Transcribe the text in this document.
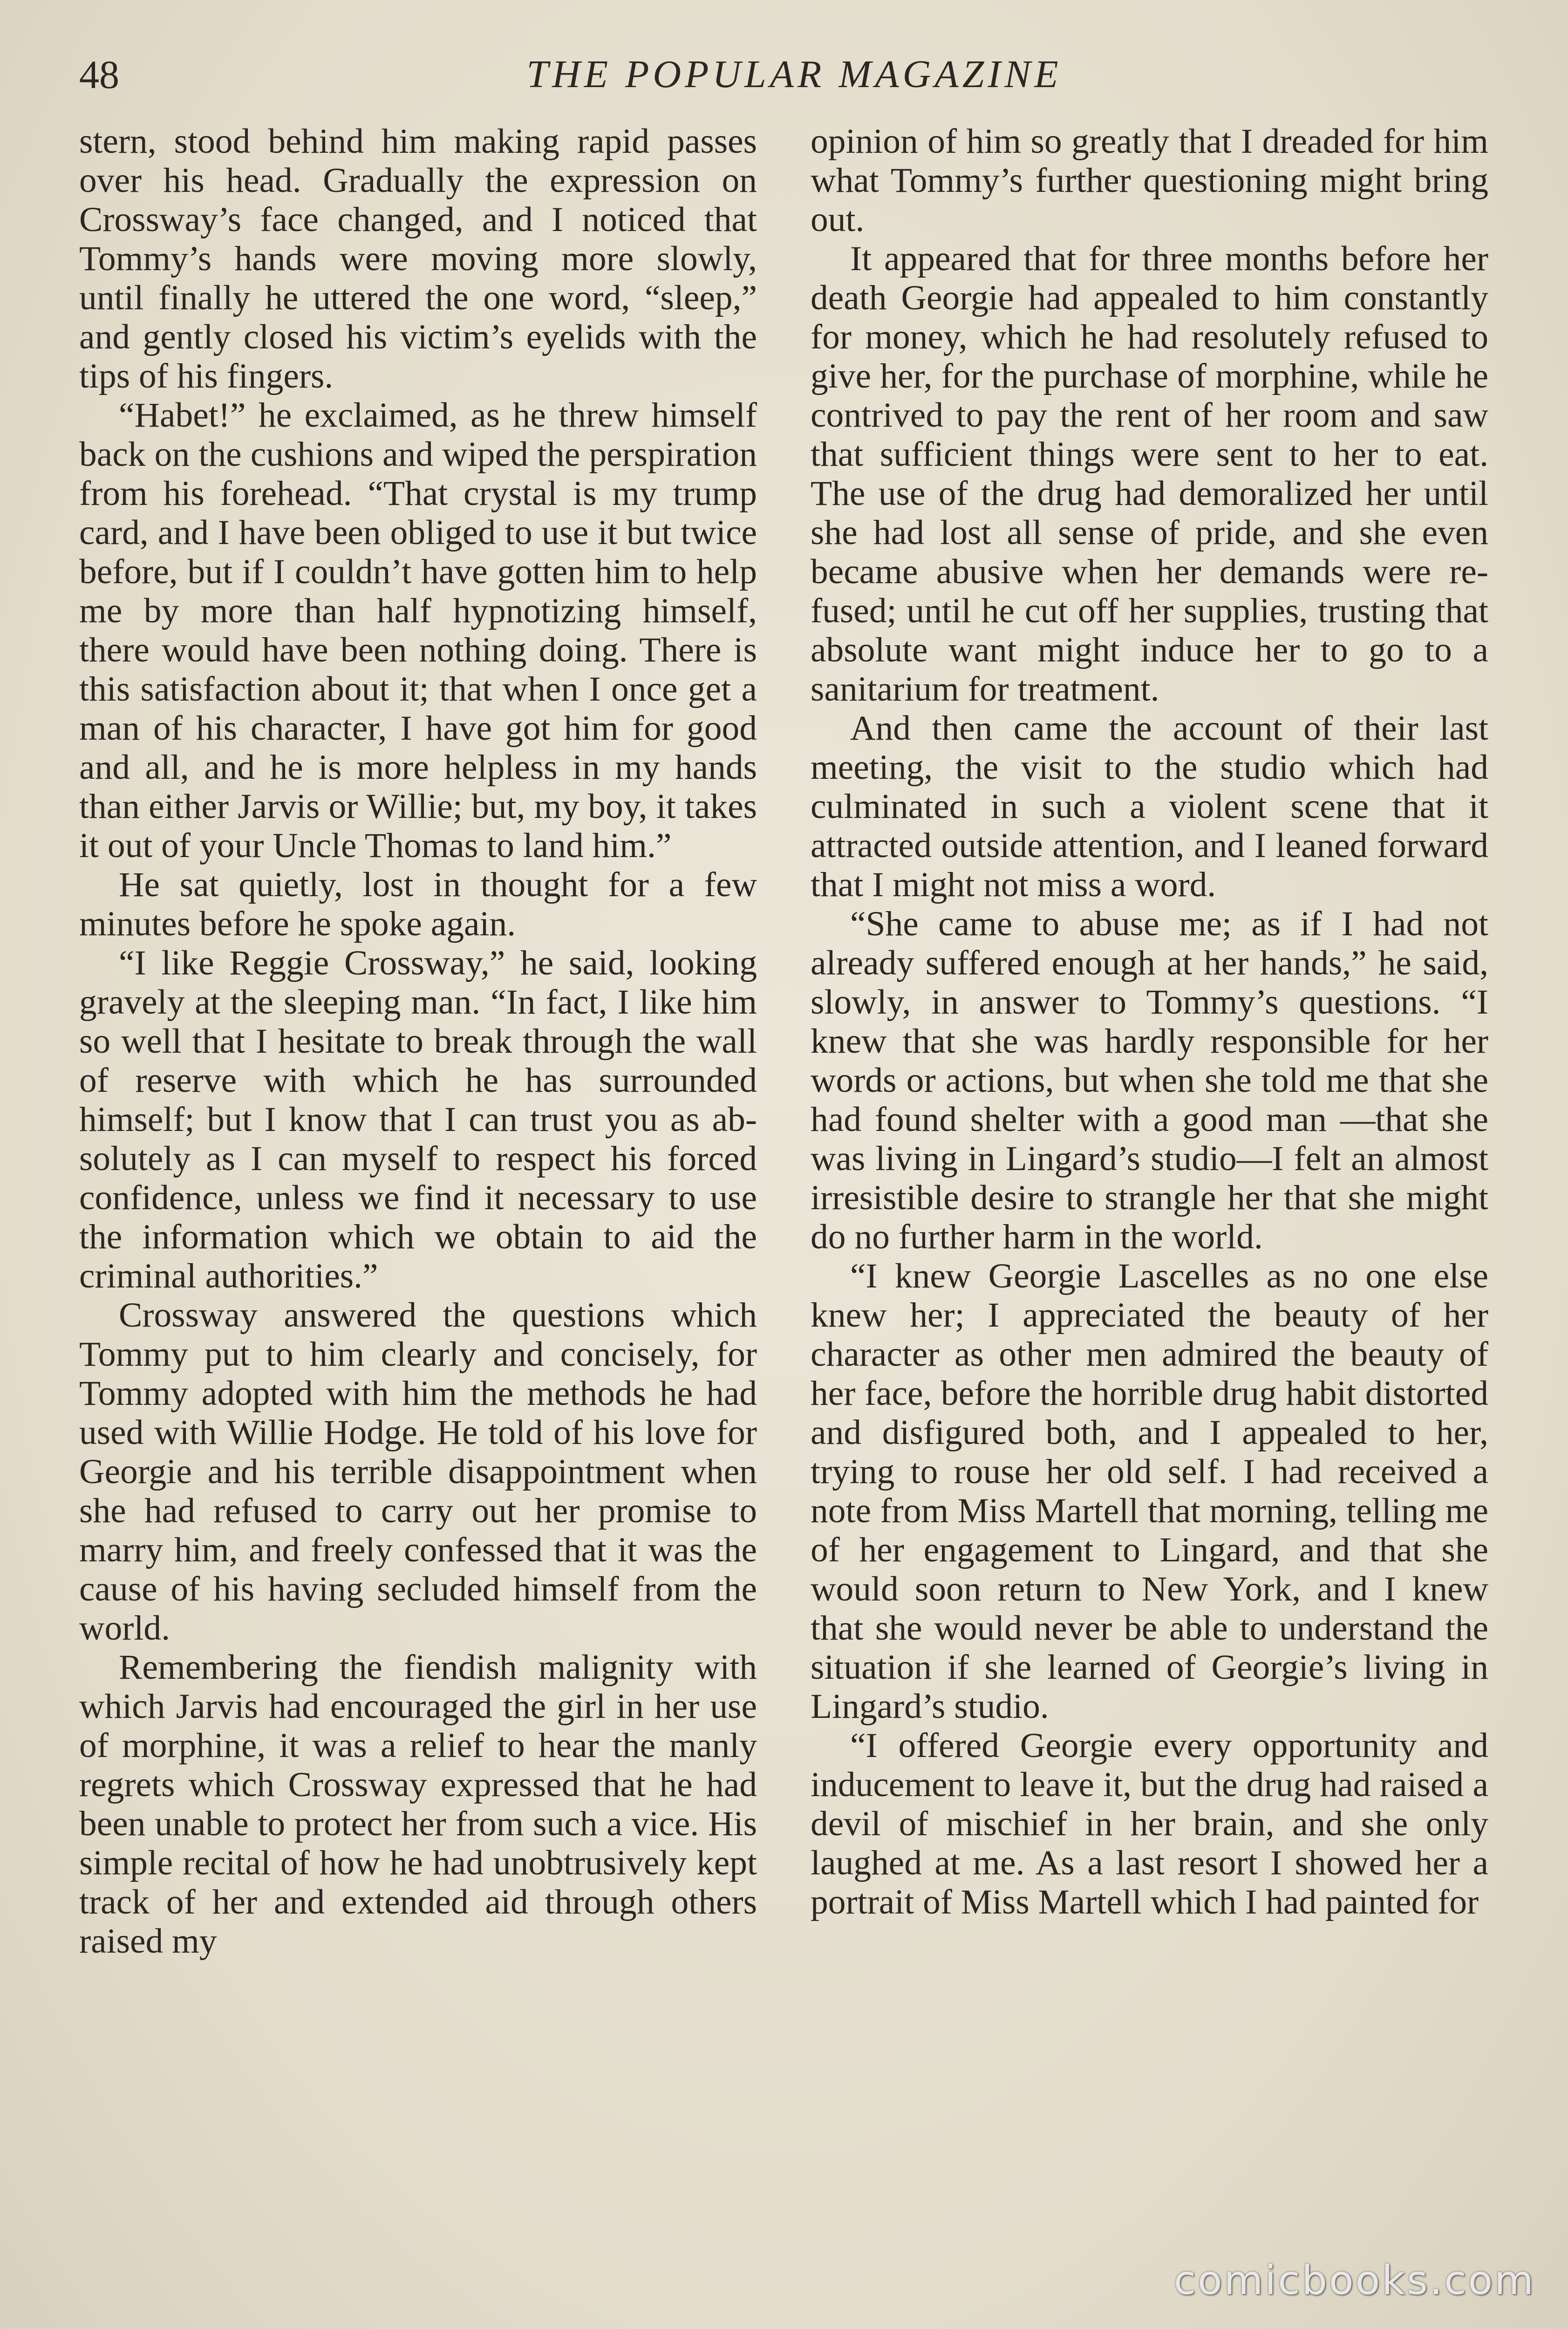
48	THE POPULAR MAGAZINE

stern, stood behind him making rapid passes over his head. Gradually the expression on Crossway’s face changed, and I noticed that Tommy’s hands were moving more slowly, until finally he uttered the one word, “sleep,” and gently closed his victim’s eyelids with the tips of his fingers.

“Habet!” he exclaimed, as he threw himself back on the cushions and wiped the perspiration from his forehead. “That crystal is my trump card, and I have been obliged to use it but twice before, but if I couldn’t have gotten him to help me by more than half hypnotizing himself, there would have been nothing doing. There is this satisfaction about it; that when I once get a man of his character, I have got him for good and all, and he is more helpless in my hands than either Jarvis or Willie; but, my boy, it takes it out of your Uncle Thomas to land him.”

He sat quietly, lost in thought for a few minutes before he spoke again.

“I like Reggie Crossway,” he said, looking gravely at the sleeping man. “In fact, I like him so well that I hesitate to break through the wall of reserve with which he has surrounded himself; but I know that I can trust you as absolutely as I can myself to respect his forced confidence, unless we find it necessary to use the information which we obtain to aid the criminal authorities.”

Crossway answered the questions which Tommy put to him clearly and concisely, for Tommy adopted with him the methods he had used with Willie Hodge. He told of his love for Georgie and his terrible disappointment when she had refused to carry out her promise to marry him, and freely confessed that it was the cause of his having secluded himself from the world.

Remembering the fiendish malignity with which Jarvis had encouraged the girl in her use of morphine, it was a relief to hear the manly regrets which Crossway expressed that he had been unable to protect her from such a vice. His simple recital of how he had unobtrusively kept track of her and extended aid through others raised my

opinion of him so greatly that I dreaded for him what Tommy’s further questioning might bring out.

It appeared that for three months before her death Georgie had appealed to him constantly for money, which he had resolutely refused to give her, for the purchase of morphine, while he contrived to pay the rent of her room and saw that sufficient things were sent to her to eat. The use of the drug had demoralized her until she had lost all sense of pride, and she even became abusive when her demands were refused; until he cut off her supplies, trusting that absolute want might induce her to go to a sanitarium for treatment.

And then came the account of their last meeting, the visit to the studio which had culminated in such a violent scene that it attracted outside attention, and I leaned forward that I might not miss a word.

“She came to abuse me; as if I had not already suffered enough at her hands,” he said, slowly, in answer to Tommy’s questions. “I knew that she was hardly responsible for her words or actions, but when she told me that she had found shelter with a good man —that she was living in Lingard’s studio—I felt an almost irresistible desire to strangle her that she might do no further harm in the world.

“I knew Georgie Lascelles as no one else knew her; I appreciated the beauty of her character as other men admired the beauty of her face, before the horrible drug habit distorted and disfigured both, and I appealed to her, trying to rouse her old self. I had received a note from Miss Martell that morning, telling me of her engagement to Lingard, and that she would soon return to New York, and I knew that she would never be able to understand the situation if she learned of Georgie’s living in Lingard’s studio.

“I offered Georgie every opportunity and inducement to leave it, but the drug had raised a devil of mischief in her brain, and she only laughed at me. As a last resort I showed her a portrait of Miss Martell which I had painted for

comicbooks.com
